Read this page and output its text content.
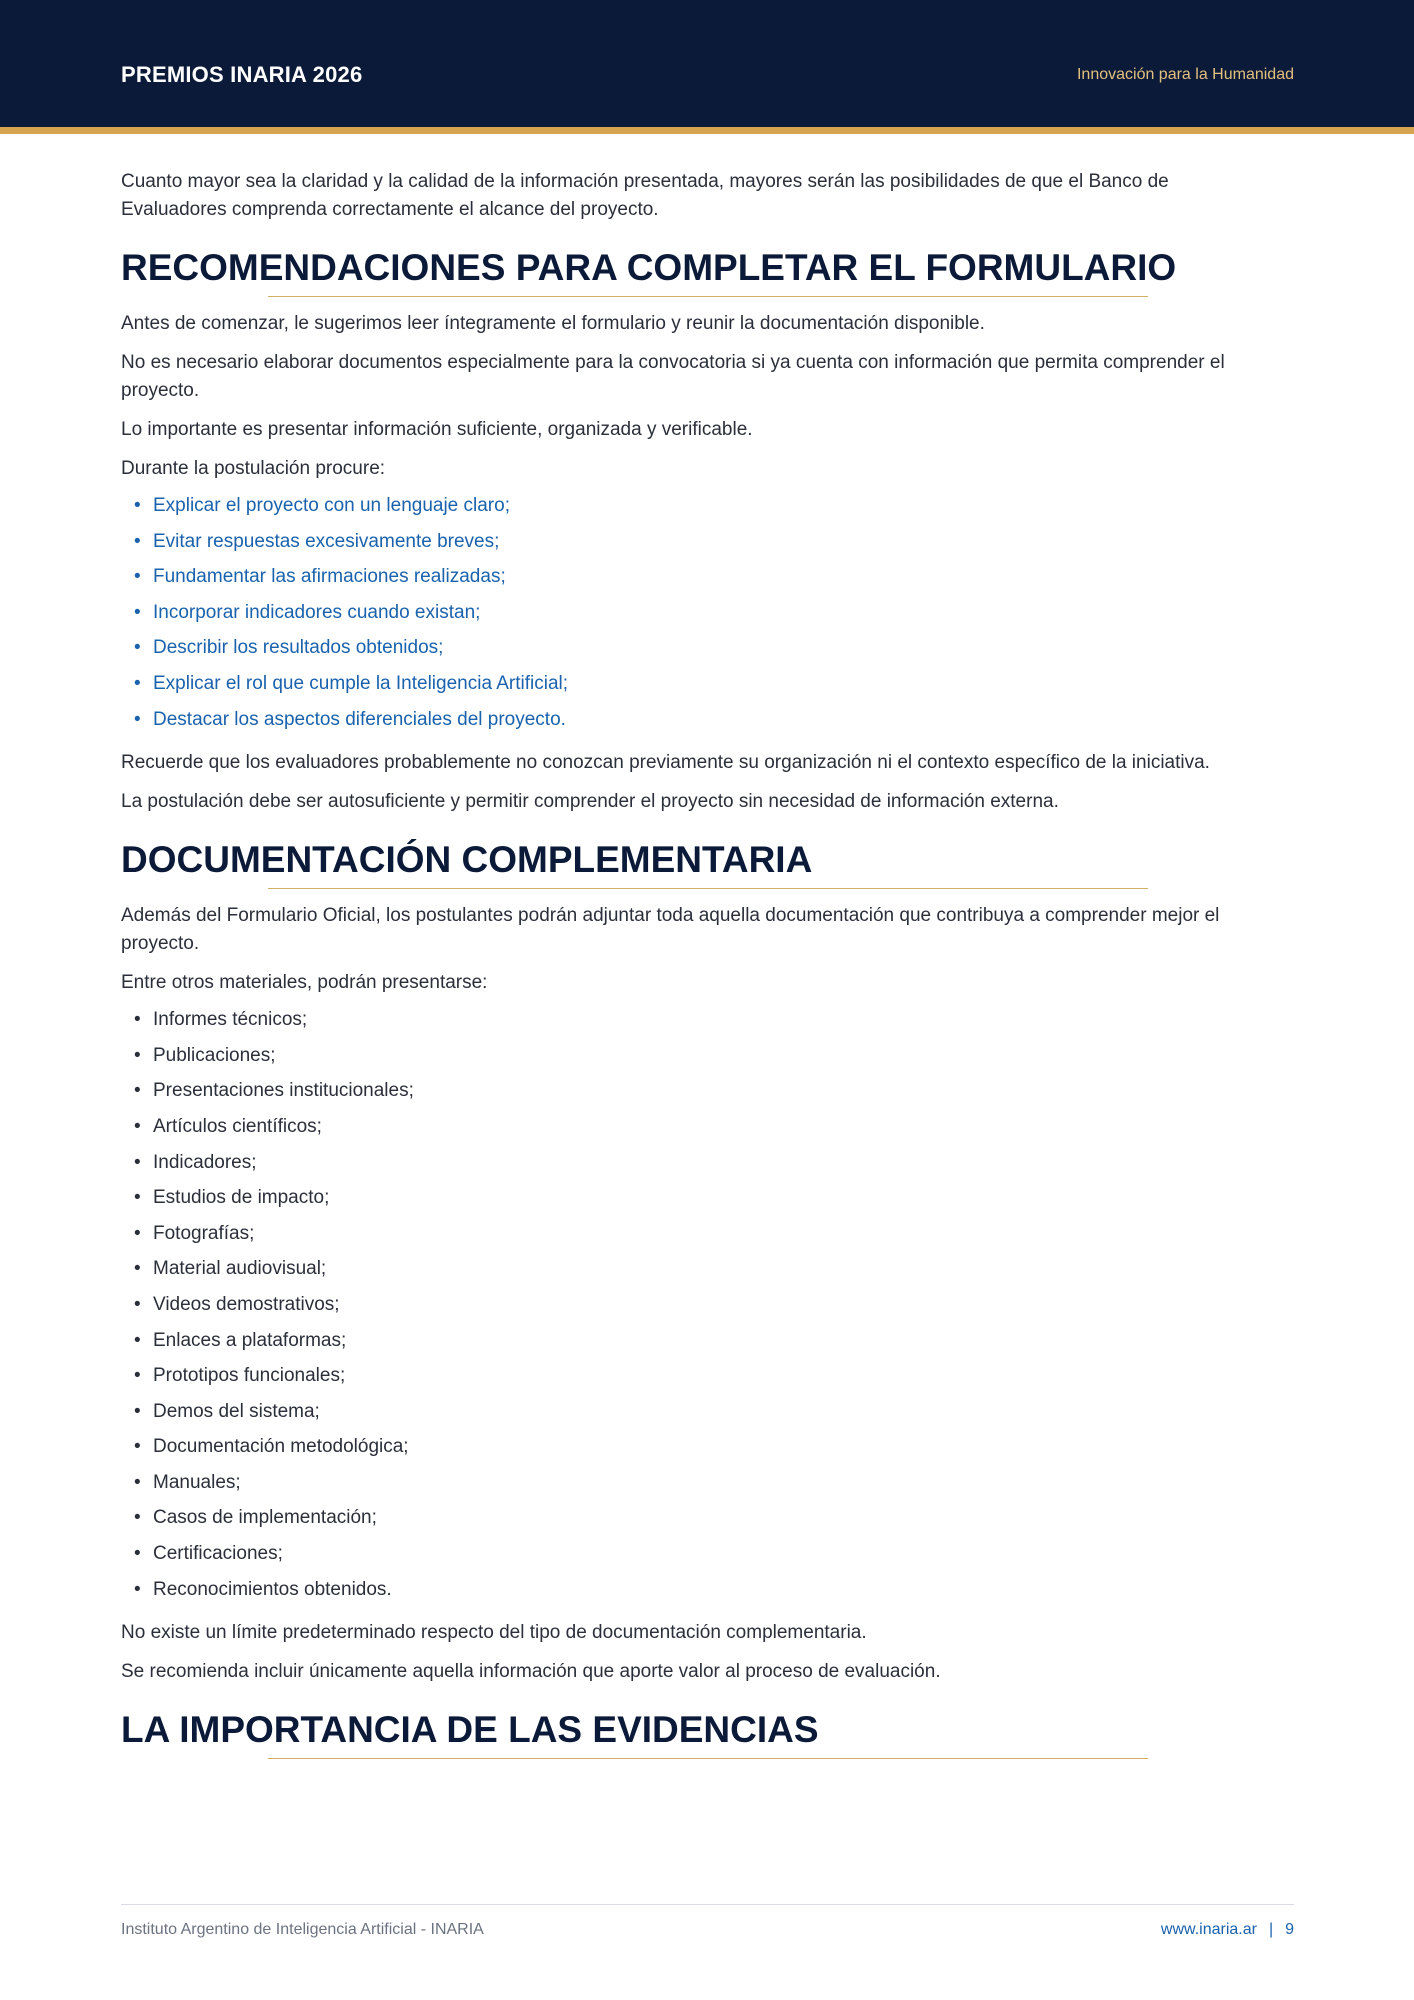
PREMIOS INARIA 2026	Innovación para la Humanidad

Cuanto mayor sea la claridad y la calidad de la información presentada, mayores serán las posibilidades de que el Banco de Evaluadores comprenda correctamente el alcance del proyecto.

RECOMENDACIONES PARA COMPLETAR EL FORMULARIO

Antes de comenzar, le sugerimos leer íntegramente el formulario y reunir la documentación disponible.

No es necesario elaborar documentos especialmente para la convocatoria si ya cuenta con información que permita comprender el proyecto.

Lo importante es presentar información suficiente, organizada y verificable.

Durante la postulación procure:

• Explicar el proyecto con un lenguaje claro;
• Evitar respuestas excesivamente breves;
• Fundamentar las afirmaciones realizadas;
• Incorporar indicadores cuando existan;
• Describir los resultados obtenidos;
• Explicar el rol que cumple la Inteligencia Artificial;
• Destacar los aspectos diferenciales del proyecto.

Recuerde que los evaluadores probablemente no conozcan previamente su organización ni el contexto específico de la iniciativa.

La postulación debe ser autosuficiente y permitir comprender el proyecto sin necesidad de información externa.

DOCUMENTACIÓN COMPLEMENTARIA

Además del Formulario Oficial, los postulantes podrán adjuntar toda aquella documentación que contribuya a comprender mejor el proyecto.

Entre otros materiales, podrán presentarse:

• Informes técnicos;
• Publicaciones;
• Presentaciones institucionales;
• Artículos científicos;
• Indicadores;
• Estudios de impacto;
• Fotografías;
• Material audiovisual;
• Videos demostrativos;
• Enlaces a plataformas;
• Prototipos funcionales;
• Demos del sistema;
• Documentación metodológica;
• Manuales;
• Casos de implementación;
• Certificaciones;
• Reconocimientos obtenidos.

No existe un límite predeterminado respecto del tipo de documentación complementaria.

Se recomienda incluir únicamente aquella información que aporte valor al proceso de evaluación.

LA IMPORTANCIA DE LAS EVIDENCIAS
Instituto Argentino de Inteligencia Artificial - INARIA	www.inaria.ar | 9
